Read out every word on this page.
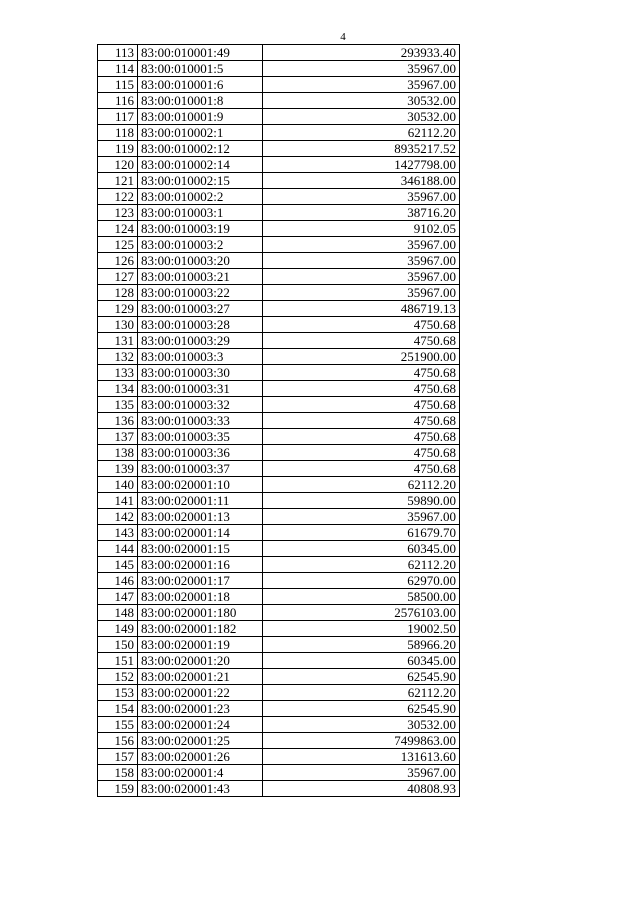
4
113	83:00:010001:49	293933.40
114	83:00:010001:5	35967.00
115	83:00:010001:6	35967.00
116	83:00:010001:8	30532.00
117	83:00:010001:9	30532.00
118	83:00:010002:1	62112.20
119	83:00:010002:12	8935217.52
120	83:00:010002:14	1427798.00
121	83:00:010002:15	346188.00
122	83:00:010002:2	35967.00
123	83:00:010003:1	38716.20
124	83:00:010003:19	9102.05
125	83:00:010003:2	35967.00
126	83:00:010003:20	35967.00
127	83:00:010003:21	35967.00
128	83:00:010003:22	35967.00
129	83:00:010003:27	486719.13
130	83:00:010003:28	4750.68
131	83:00:010003:29	4750.68
132	83:00:010003:3	251900.00
133	83:00:010003:30	4750.68
134	83:00:010003:31	4750.68
135	83:00:010003:32	4750.68
136	83:00:010003:33	4750.68
137	83:00:010003:35	4750.68
138	83:00:010003:36	4750.68
139	83:00:010003:37	4750.68
140	83:00:020001:10	62112.20
141	83:00:020001:11	59890.00
142	83:00:020001:13	35967.00
143	83:00:020001:14	61679.70
144	83:00:020001:15	60345.00
145	83:00:020001:16	62112.20
146	83:00:020001:17	62970.00
147	83:00:020001:18	58500.00
148	83:00:020001:180	2576103.00
149	83:00:020001:182	19002.50
150	83:00:020001:19	58966.20
151	83:00:020001:20	60345.00
152	83:00:020001:21	62545.90
153	83:00:020001:22	62112.20
154	83:00:020001:23	62545.90
155	83:00:020001:24	30532.00
156	83:00:020001:25	7499863.00
157	83:00:020001:26	131613.60
158	83:00:020001:4	35967.00
159	83:00:020001:43	40808.93
